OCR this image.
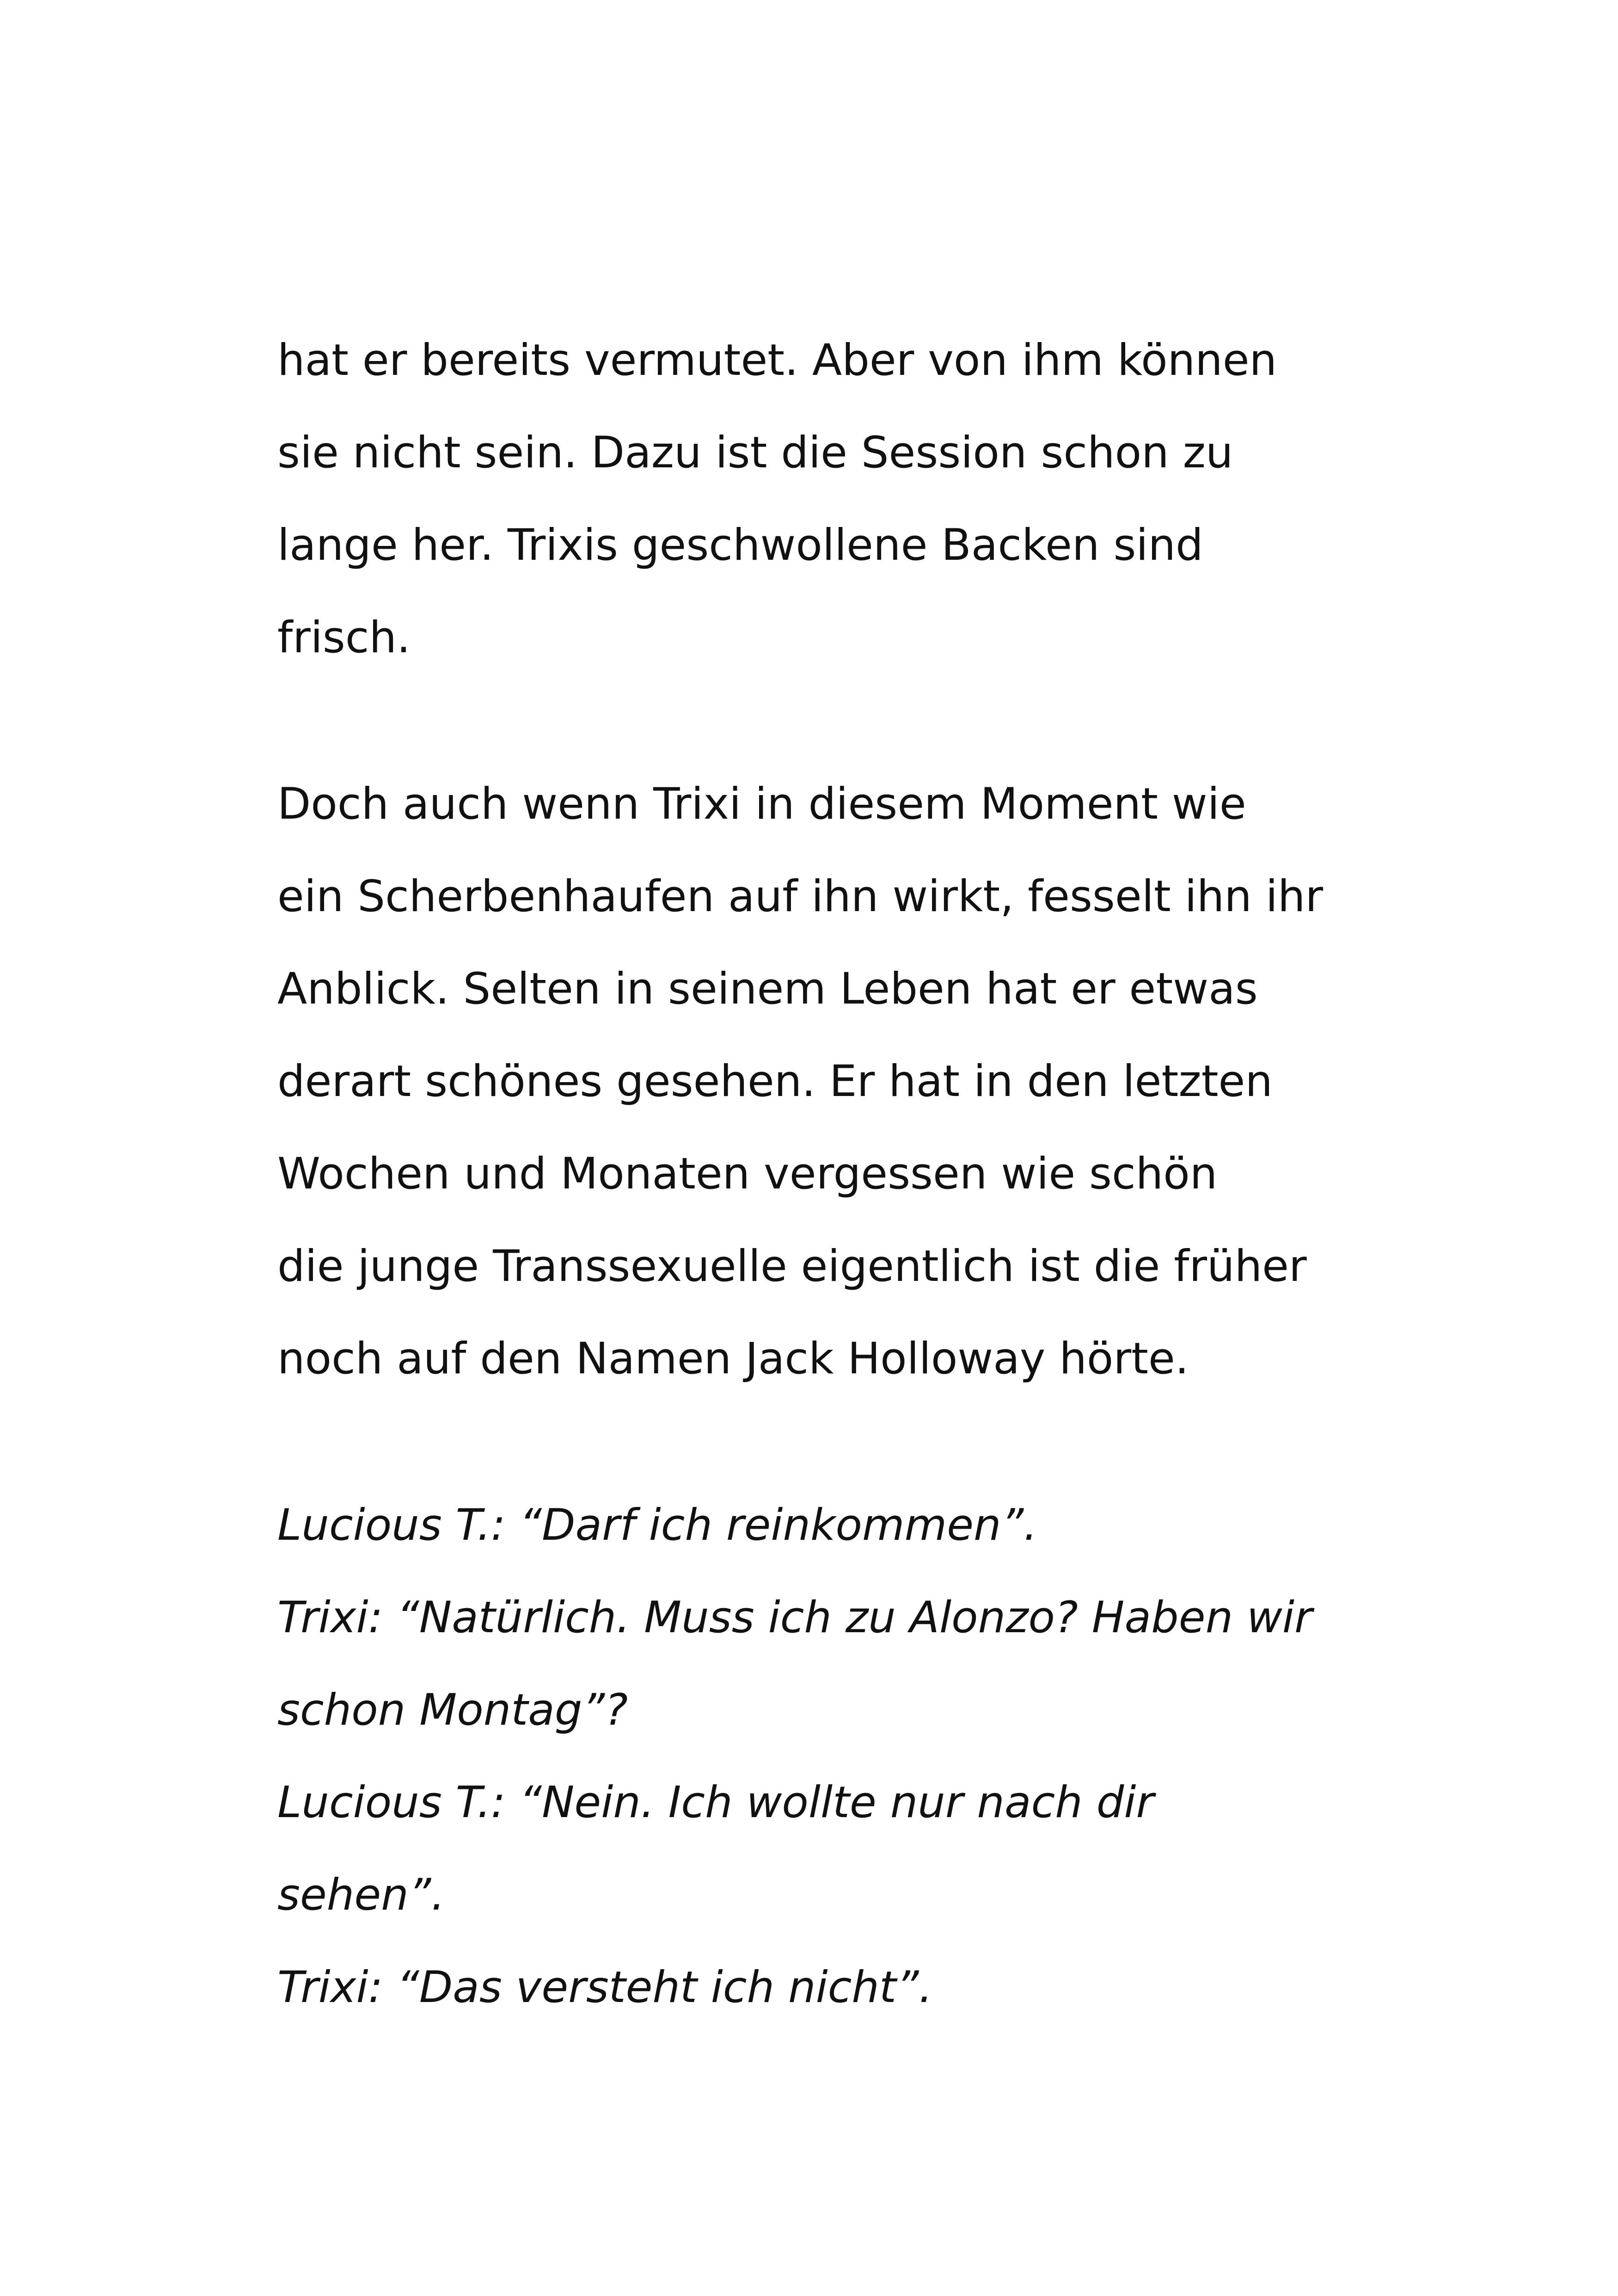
hat er bereits vermutet. Aber von ihm können
sie nicht sein. Dazu ist die Session schon zu
lange her. Trixis geschwollene Backen sind
frisch.

Doch auch wenn Trixi in diesem Moment wie
ein Scherbenhaufen auf ihn wirkt, fesselt ihn ihr
Anblick. Selten in seinem Leben hat er etwas
derart schönes gesehen. Er hat in den letzten
Wochen und Monaten vergessen wie schön
die junge Transsexuelle eigentlich ist die früher
noch auf den Namen Jack Holloway hörte.

Lucious T.: “Darf ich reinkommen”.
Trixi: “Natürlich. Muss ich zu Alonzo? Haben wir
schon Montag”?
Lucious T.: “Nein. Ich wollte nur nach dir
sehen”.
Trixi: “Das versteht ich nicht”.
